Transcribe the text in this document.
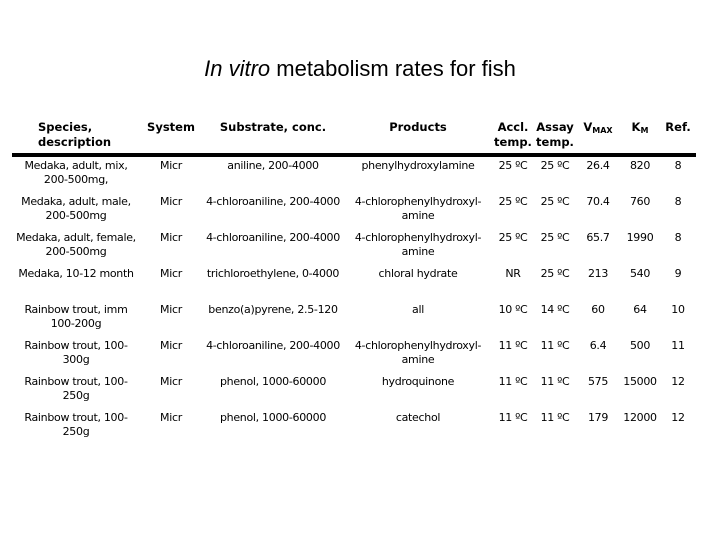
In vitro metabolism rates for fish
Species, description	System	Substrate, conc.	Products	Accl. temp.	Assay temp.	$V_{MAX}$	$K_M$	Ref.
Medaka, adult, mix, 200-500mg,	Micr	aniline, 200-4000	phenylhydroxylamine	25 ºC	25 ºC	26.4	820	8
Medaka, adult, male, 200-500mg	Micr	4-chloroaniline, 200-4000	4-chlorophenylhydroxyl-amine	25 ºC	25 ºC	70.4	760	8
Medaka, adult, female, 200-500mg	Micr	4-chloroaniline, 200-4000	4-chlorophenylhydroxyl-amine	25 ºC	25 ºC	65.7	1990	8
Medaka, 10-12 month	Micr	trichloroethylene, 0-4000	chloral hydrate	NR	25 ºC	213	540	9
Rainbow trout, imm 100-200g	Micr	benzo(a)pyrene, 2.5-120	all	10 ºC	14 ºC	60	64	10
Rainbow trout, 100-300g	Micr	4-chloroaniline, 200-4000	4-chlorophenylhydroxyl-amine	11 ºC	11 ºC	6.4	500	11
Rainbow trout, 100-250g	Micr	phenol, 1000-60000	hydroquinone	11 ºC	11 ºC	575	15000	12
Rainbow trout, 100-250g	Micr	phenol, 1000-60000	catechol	11 ºC	11 ºC	179	12000	12
